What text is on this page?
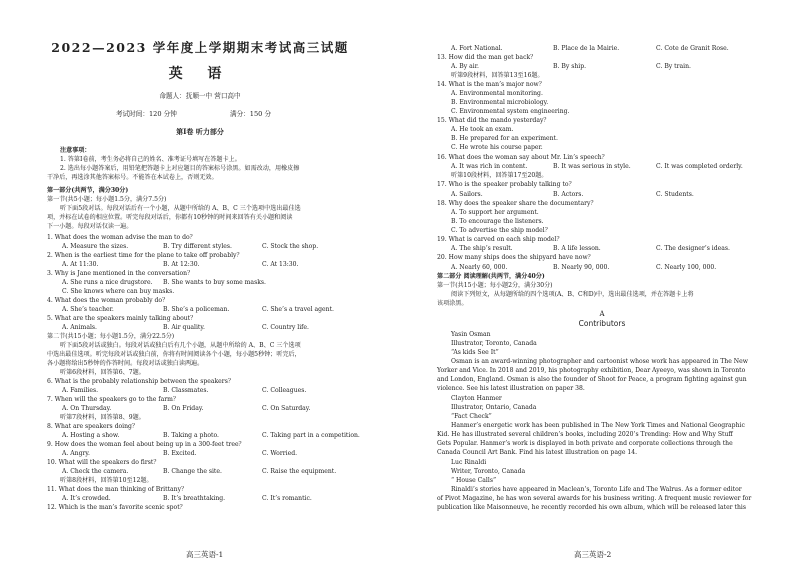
2022—2023 学年度上学期期末考试高三试题
英 语
命题人：抚顺一中 营口高中
考试时间：120 分钟	满分：150 分
第Ⅰ卷 听力部分
注意事项：
1. 答第Ⅰ卷前，考生务必将自己的姓名、准考证号填写在答题卡上。
2. 选出每小题答案后，用铅笔把答题卡上对应题目的答案标号涂黑。如需改动，用橡皮擦
干净后，再选涂其他答案标号。不能答在本试卷上，否则无效。
第一部分(共两节，满分30分)
第一节(共5小题；每小题1.5分，满分7.5分)
听下面5段对话。每段对话后有一个小题，从题中所给的 A、B、C 三个选项中选出最佳选
项，并标在试卷的相应位置。听完每段对话后，你都有10秒钟的时间来回答有关小题和阅读
下一小题。每段对话仅读一遍。
1. What does the woman advise the man to do？
A. Measure the sizes.	B. Try different styles.	C. Stock the shop.
2. When is the earliest time for the plane to take off probably？
A. At 11:30.	B. At 12:30.	C. At 13:30.
3. Why is Jane mentioned in the conversation？
A. She runs a nice drugstore. B. She wants to buy some masks.
C. She knows where can buy masks.
4. What does the woman probably do？
A. She’s teacher.	B. She’s a policeman.	C. She’s a travel agent.
5. What are the speakers mainly talking about？
A. Animals.	B. Air quality.	C. Country life.
第二节(共15小题；每小题1.5分，满分22.5分)
听下面5段对话或独白。每段对话或独白后有几个小题，从题中所给的 A、B、C 三个选项
中选出最佳选项。听完每段对话或独白前，你将有时间阅读各个小题，每小题5秒钟；听完后，
各小题将给出5秒钟的作答时间。每段对话或独白读两遍。
听第6段材料，回答第6、7题。
6. What is the probably relationship between the speakers？
A. Families.	B. Classmates.	C. Colleagues.
7. When will the speakers go to the farm？
A. On Thursday.	B. On Friday.	C. On Saturday.
听第7段材料，回答第8、9题。
8. What are speakers doing？
A. Hosting a show.	B. Taking a photo.	C. Taking part in a competition.
9. How does the woman feel about being up in a 300-feet tree？
A. Angry.	B. Excited.	C. Worried.
10. What will the speakers do first？
A. Check the camera.	B. Change the site.	C. Raise the equipment.
听第8段材料，回答第10至12题。
11. What does the man thinking of Brittany？
A. It’s crowded.	B. It’s breathtaking.	C. It’s romantic.
12. Which is the man’s favorite scenic spot？
高三英语-1
A. Fort National.	B. Place de la Mairie.	C. Cote de Granit Rose.
13. How did the man get back？
A. By air.	B. By ship.	C. By train.
听第9段材料，回答第13至16题。
14. What is the man’s major now？
A. Environmental monitoring.
B. Environmental microbiology.
C. Environmental system engineering.
15. What did the mando yesterday？
A. He took an exam.
B. He prepared for an experiment.
C. He wrote his course paper.
16. What does the woman say about Mr. Lin’s speech？
A. It was rich in content.	B. It was serious in style.	C. It was completed orderly.
听第10段材料，回答第17至20题。
17. Who is the speaker probably talking to？
A. Sailors.	B. Actors.	C. Students.
18. Why does the speaker share the documentary？
A. To support her argument.
B. To encourage the listeners.
C. To advertise the ship model？
19. What is carved on each ship model？
A. The ship’s result.	B. A life lesson.	C. The designer’s ideas.
20. How many ships does the shipyard have now？
A. Nearly 60, 000.	B. Nearly 90, 000.	C. Nearly 100, 000.
第二部分 阅读理解(共两节，满分40分)
第一节(共15小题；每小题2分，满分30分)
阅读下列短文，从每题所给的四个选项(A、B、C和D)中，选出最佳选项，并在答题卡上将
该项涂黑。
A
Contributors
Yasin Osman
Illustrator, Toronto, Canada
“As kids See It”
Osman is an award-winning photographer and cartoonist whose work has appeared in The New
Yorker and Vice. In 2018 and 2019, his photography exhibition, Dear Ayeeyo, was shown in Toronto
and London, England. Osman is also the founder of Shoot for Peace, a program fighting against gun
violence. See his latest illustration on paper 38.
Clayton Hanmer
Illustrator, Ontario, Canada
“Fact Check”
Hanmer’s energetic work has been published in The New York Times and National Geographic
Kid. He has illustrated several children’s books, including 2020’s Trending: How and Why Stuff
Gets Popular. Hanmer’s work is displayed in both private and corporate collections through the
Canada Council Art Bank. Find his latest illustration on page 14.
Luc Rinaldi
Writer, Toronto, Canada
“ House Calls”
Rinaldi’s stories have appeared in Maclean’s, Toronto Life and The Walrus. As a former editor
of Pivot Magazine, he has won several awards for his business writing. A frequent music reviewer for
publication like Maisonneuve, he recently recorded his own album, which will be released later this
高三英语-2
